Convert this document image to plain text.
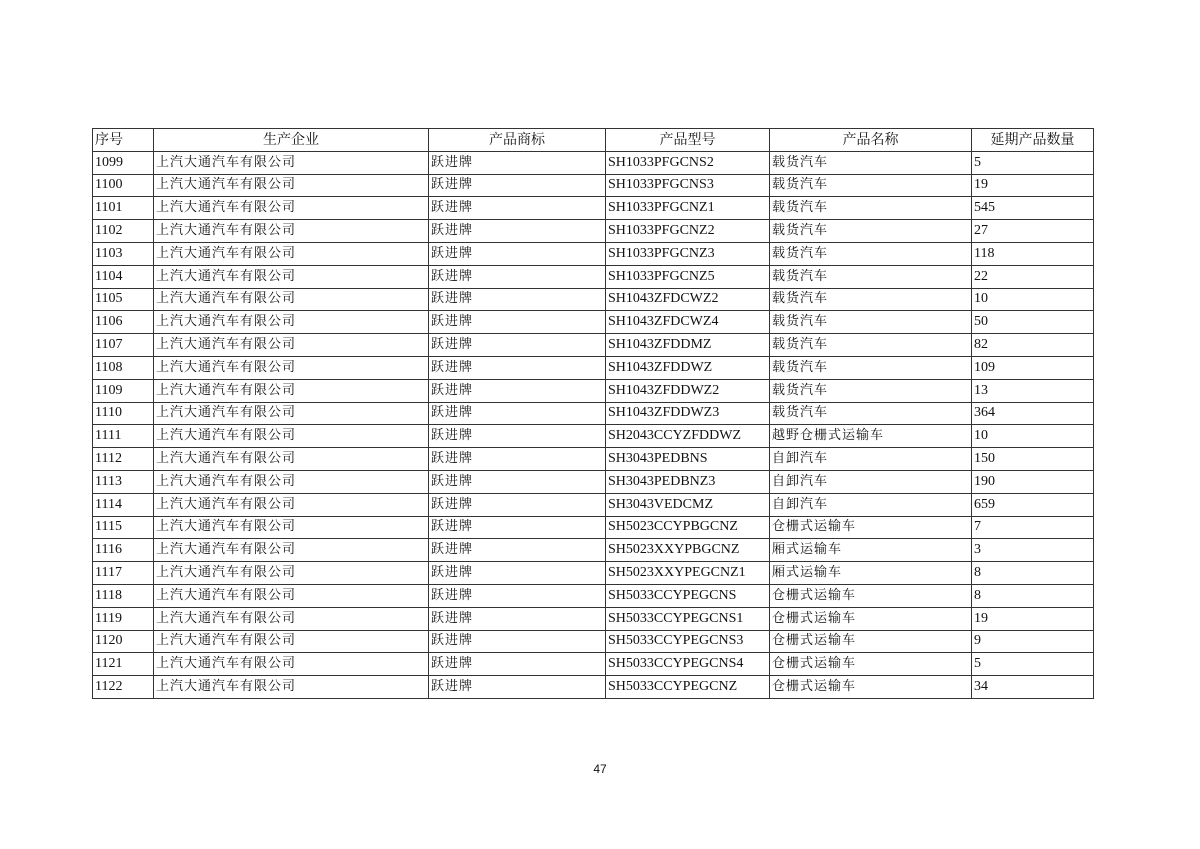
序号	生产企业	产品商标	产品型号	产品名称	延期产品数量
1099	上汽大通汽车有限公司	跃进牌	SH1033PFGCNS2	载货汽车	5
1100	上汽大通汽车有限公司	跃进牌	SH1033PFGCNS3	载货汽车	19
1101	上汽大通汽车有限公司	跃进牌	SH1033PFGCNZ1	载货汽车	545
1102	上汽大通汽车有限公司	跃进牌	SH1033PFGCNZ2	载货汽车	27
1103	上汽大通汽车有限公司	跃进牌	SH1033PFGCNZ3	载货汽车	118
1104	上汽大通汽车有限公司	跃进牌	SH1033PFGCNZ5	载货汽车	22
1105	上汽大通汽车有限公司	跃进牌	SH1043ZFDCWZ2	载货汽车	10
1106	上汽大通汽车有限公司	跃进牌	SH1043ZFDCWZ4	载货汽车	50
1107	上汽大通汽车有限公司	跃进牌	SH1043ZFDDMZ	载货汽车	82
1108	上汽大通汽车有限公司	跃进牌	SH1043ZFDDWZ	载货汽车	109
1109	上汽大通汽车有限公司	跃进牌	SH1043ZFDDWZ2	载货汽车	13
1110	上汽大通汽车有限公司	跃进牌	SH1043ZFDDWZ3	载货汽车	364
1111	上汽大通汽车有限公司	跃进牌	SH2043CCYZFDDWZ	越野仓栅式运输车	10
1112	上汽大通汽车有限公司	跃进牌	SH3043PEDBNS	自卸汽车	150
1113	上汽大通汽车有限公司	跃进牌	SH3043PEDBNZ3	自卸汽车	190
1114	上汽大通汽车有限公司	跃进牌	SH3043VEDCMZ	自卸汽车	659
1115	上汽大通汽车有限公司	跃进牌	SH5023CCYPBGCNZ	仓栅式运输车	7
1116	上汽大通汽车有限公司	跃进牌	SH5023XXYPBGCNZ	厢式运输车	3
1117	上汽大通汽车有限公司	跃进牌	SH5023XXYPEGCNZ1	厢式运输车	8
1118	上汽大通汽车有限公司	跃进牌	SH5033CCYPEGCNS	仓栅式运输车	8
1119	上汽大通汽车有限公司	跃进牌	SH5033CCYPEGCNS1	仓栅式运输车	19
1120	上汽大通汽车有限公司	跃进牌	SH5033CCYPEGCNS3	仓栅式运输车	9
1121	上汽大通汽车有限公司	跃进牌	SH5033CCYPEGCNS4	仓栅式运输车	5
1122	上汽大通汽车有限公司	跃进牌	SH5033CCYPEGCNZ	仓栅式运输车	34
47
